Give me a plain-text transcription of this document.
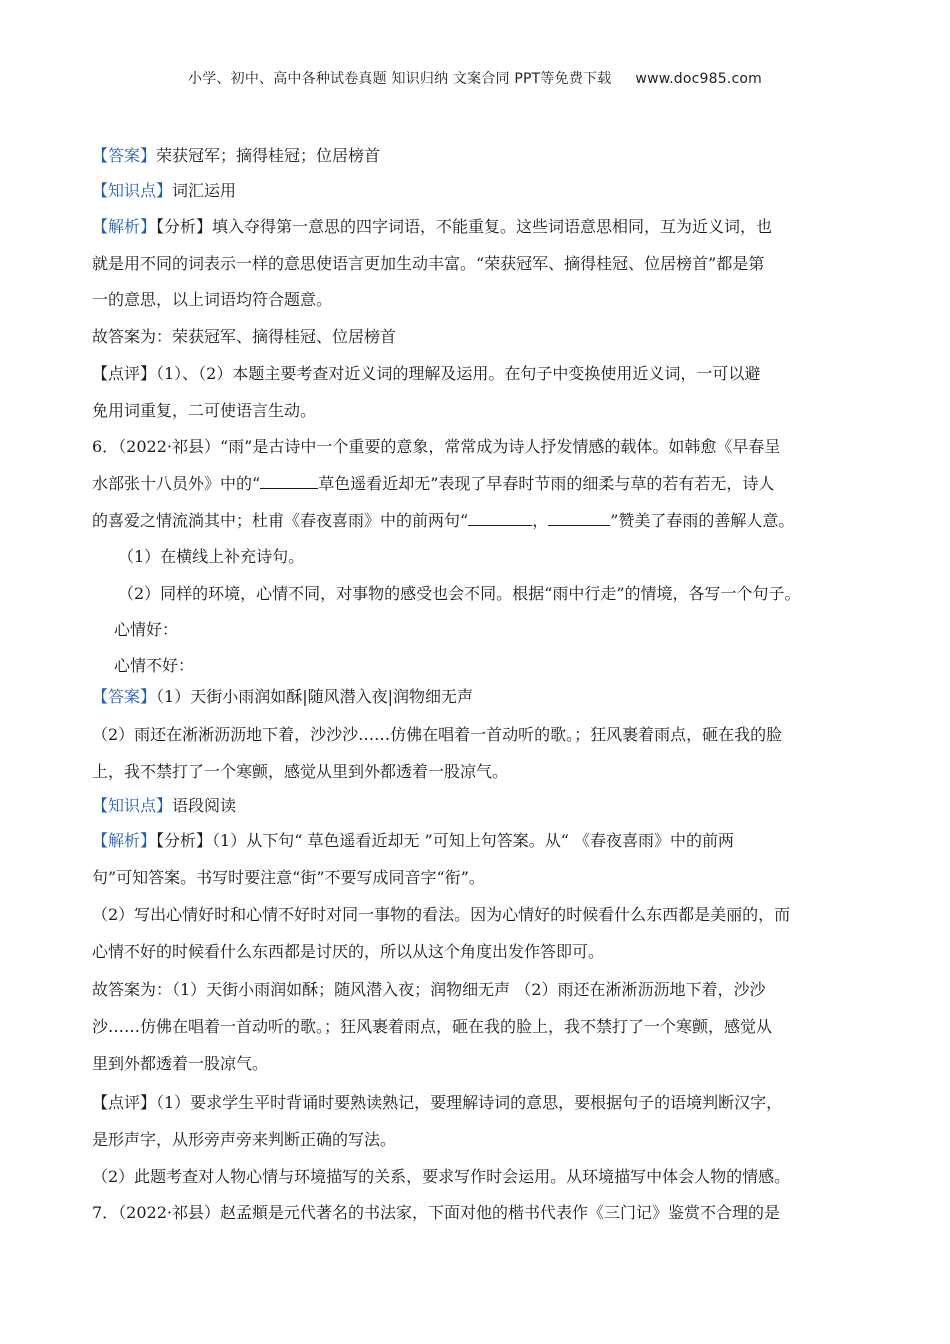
小学、初中、高中各种试卷真题 知识归纳 文案合同 PPT等免费下载 www.doc985.com
【答案】荣获冠军；摘得桂冠；位居榜首
【知识点】词汇运用
【解析】【分析】填入夺得第一意思的四字词语，不能重复。这些词语意思相同，互为近义词，也
就是用不同的词表示一样的意思使语言更加生动丰富。“荣获冠军、摘得桂冠、位居榜首”都是第
一的意思，以上词语均符合题意。
故答案为：荣获冠军、摘得桂冠、位居榜首
【点评】（1）、（2）本题主要考查对近义词的理解及运用。在句子中变换使用近义词，一可以避
免用词重复，二可使语言生动。
6．（2022·祁县）“雨”是古诗中一个重要的意象，常常成为诗人抒发情感的载体。如韩愈《早春呈
水部张十八员外》中的“	草色遥看近却无”表现了早春时节雨的细柔与草的若有若无，诗人
的喜爱之情流淌其中；杜甫《春夜喜雨》中的前两句“	，	”赞美了春雨的善解人意。
（1）在横线上补充诗句。
（2）同样的环境，心情不同，对事物的感受也会不同。根据“雨中行走”的情境，各写一个句子。
心情好：
心情不好：
【答案】（1）天街小雨润如酥|随风潜入夜|润物细无声
（2）雨还在淅淅沥沥地下着，沙沙沙……仿佛在唱着一首动听的歌。；狂风裹着雨点，砸在我的脸
上，我不禁打了一个寒颤，感觉从里到外都透着一股凉气。
【知识点】语段阅读
【解析】【分析】（1）从下句“ 草色遥看近却无 ”可知上句答案。从“ 《春夜喜雨》中的前两
句”可知答案。书写时要注意“街”不要写成同音字“衔”。
（2）写出心情好时和心情不好时对同一事物的看法。因为心情好的时候看什么东西都是美丽的，而
心情不好的时候看什么东西都是讨厌的，所以从这个角度出发作答即可。
故答案为：（1）天街小雨润如酥；随风潜入夜；润物细无声 （2）雨还在淅淅沥沥地下着，沙沙
沙……仿佛在唱着一首动听的歌。；狂风裹着雨点，砸在我的脸上，我不禁打了一个寒颤，感觉从
里到外都透着一股凉气。
【点评】（1）要求学生平时背诵时要熟读熟记，要理解诗词的意思，要根据句子的语境判断汉字，
是形声字，从形旁声旁来判断正确的写法。
（2）此题考查对人物心情与环境描写的关系，要求写作时会运用。从环境描写中体会人物的情感。
7．（2022·祁县）赵孟頫是元代著名的书法家，下面对他的楷书代表作《三门记》鉴赏不合理的是
